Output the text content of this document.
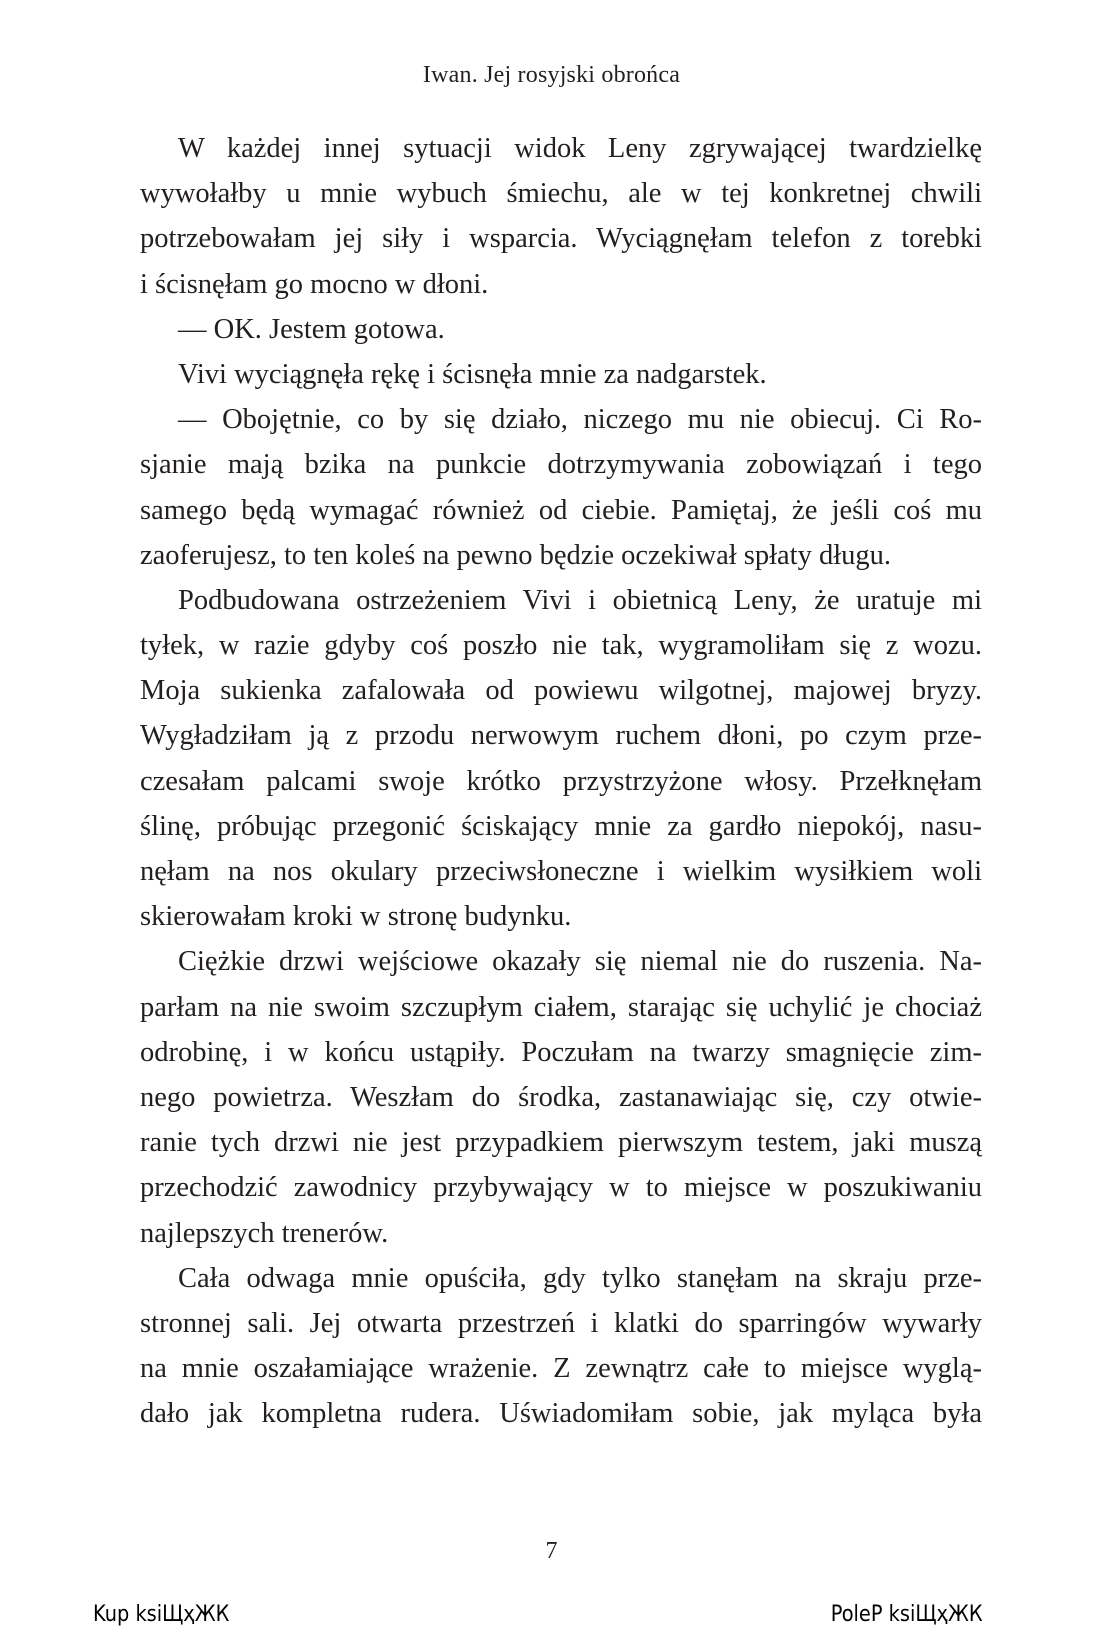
Iwan. Jej rosyjski obrońca
W każdej innej sytuacji widok Leny zgrywającej twardzielkę
wywołałby u mnie wybuch śmiechu, ale w tej konkretnej chwili
potrzebowałam jej siły i wsparcia. Wyciągnęłam telefon z torebki
i ścisnęłam go mocno w dłoni.
— OK. Jestem gotowa.
Vivi wyciągnęła rękę i ścisnęła mnie za nadgarstek.
— Obojętnie, co by się działo, niczego mu nie obiecuj. Ci Ro-
sjanie mają bzika na punkcie dotrzymywania zobowiązań i tego
samego będą wymagać również od ciebie. Pamiętaj, że jeśli coś mu
zaoferujesz, to ten koleś na pewno będzie oczekiwał spłaty długu.
Podbudowana ostrzeżeniem Vivi i obietnicą Leny, że uratuje mi
tyłek, w razie gdyby coś poszło nie tak, wygramoliłam się z wozu.
Moja sukienka zafalowała od powiewu wilgotnej, majowej bryzy.
Wygładziłam ją z przodu nerwowym ruchem dłoni, po czym prze-
czesałam palcami swoje krótko przystrzyżone włosy. Przełknęłam
ślinę, próbując przegonić ściskający mnie za gardło niepokój, nasu-
nęłam na nos okulary przeciwsłoneczne i wielkim wysiłkiem woli
skierowałam kroki w stronę budynku.
Ciężkie drzwi wejściowe okazały się niemal nie do ruszenia. Na-
parłam na nie swoim szczupłym ciałem, starając się uchylić je chociaż
odrobinę, i w końcu ustąpiły. Poczułam na twarzy smagnięcie zim-
nego powietrza. Weszłam do środka, zastanawiając się, czy otwie-
ranie tych drzwi nie jest przypadkiem pierwszym testem, jaki muszą
przechodzić zawodnicy przybywający w to miejsce w poszukiwaniu
najlepszych trenerów.
Cała odwaga mnie opuściła, gdy tylko stanęłam na skraju prze-
stronnej sali. Jej otwarta przestrzeń i klatki do sparringów wywarły
na mnie oszałamiające wrażenie. Z zewnątrz całe to miejsce wyglą-
dało jak kompletna rudera. Uświadomiłam sobie, jak myląca była
7
Kup ksiЩҳЖК	PoleР ksiЩҳЖК
